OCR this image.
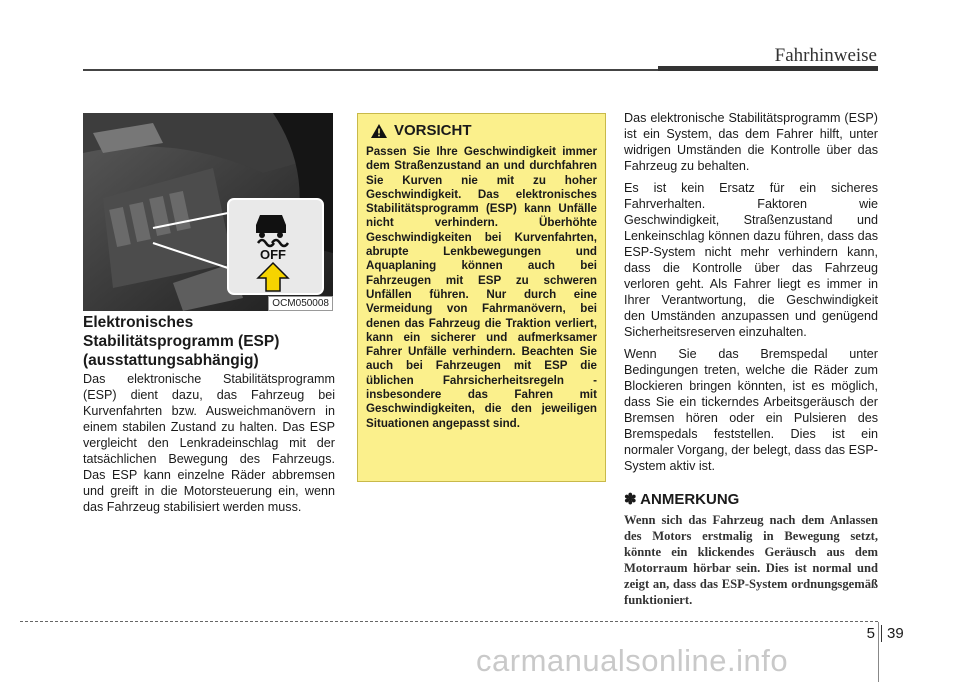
Fahrhinweise
OFF
OCM050008
Elektronisches Stabilitätsprogramm (ESP) (ausstattungsabhängig)

Das elektronische Stabilitätsprogramm (ESP) dient dazu, das Fahrzeug bei Kurvenfahrten bzw. Ausweichmanövern in einem stabilen Zustand zu halten. Das ESP vergleicht den Lenkradeinschlag mit der tatsächlichen Bewegung des Fahrzeugs. Das ESP kann einzelne Räder abbremsen und greift in die Motorsteuerung ein, wenn das Fahrzeug stabilisiert werden muss.

VORSICHT

Passen Sie Ihre Geschwindigkeit immer dem Straßenzustand an und durchfahren Sie Kurven nie mit zu hoher Geschwindigkeit. Das elektronisches Stabilitätsprogramm (ESP) kann Unfälle nicht verhindern. Überhöhte Geschwindigkeiten bei Kurvenfahrten, abrupte Lenkbewegungen und Aquaplaning können auch bei Fahrzeugen mit ESP zu schweren Unfällen führen. Nur durch eine Vermeidung von Fahrmanövern, bei denen das Fahrzeug die Traktion verliert, kann ein sicherer und aufmerksamer Fahrer Unfälle verhindern. Beachten Sie auch bei Fahrzeugen mit ESP die üblichen Fahrsicherheitsregeln - insbesondere das Fahren mit Geschwindigkeiten, die den jeweiligen Situationen angepasst sind.

Das elektronische Stabilitätsprogramm (ESP) ist ein System, das dem Fahrer hilft, unter widrigen Umständen die Kontrolle über das Fahrzeug zu behalten.

Es ist kein Ersatz für ein sicheres Fahrverhalten. Faktoren wie Geschwindigkeit, Straßenzustand und Lenkeinschlag können dazu führen, dass das ESP-System nicht mehr verhindern kann, dass die Kontrolle über das Fahrzeug verloren geht. Als Fahrer liegt es immer in Ihrer Verantwortung, die Geschwindigkeit den Umständen anzupassen und genügend Sicherheitsreserven einzuhalten.

Wenn Sie das Bremspedal unter Bedingungen treten, welche die Räder zum Blockieren bringen könnten, ist es möglich, dass Sie ein tickerndes Arbeitsgeräusch der Bremsen hören oder ein Pulsieren des Bremspedals feststellen. Dies ist ein normaler Vorgang, der belegt, dass das ESP-System aktiv ist.

✽ ANMERKUNG

Wenn sich das Fahrzeug nach dem Anlassen des Motors erstmalig in Bewegung setzt, könnte ein klickendes Geräusch aus dem Motorraum hörbar sein. Dies ist normal und zeigt an, dass das ESP-System ordnungsgemäß funktioniert.

5 39
carmanualsonline.info
